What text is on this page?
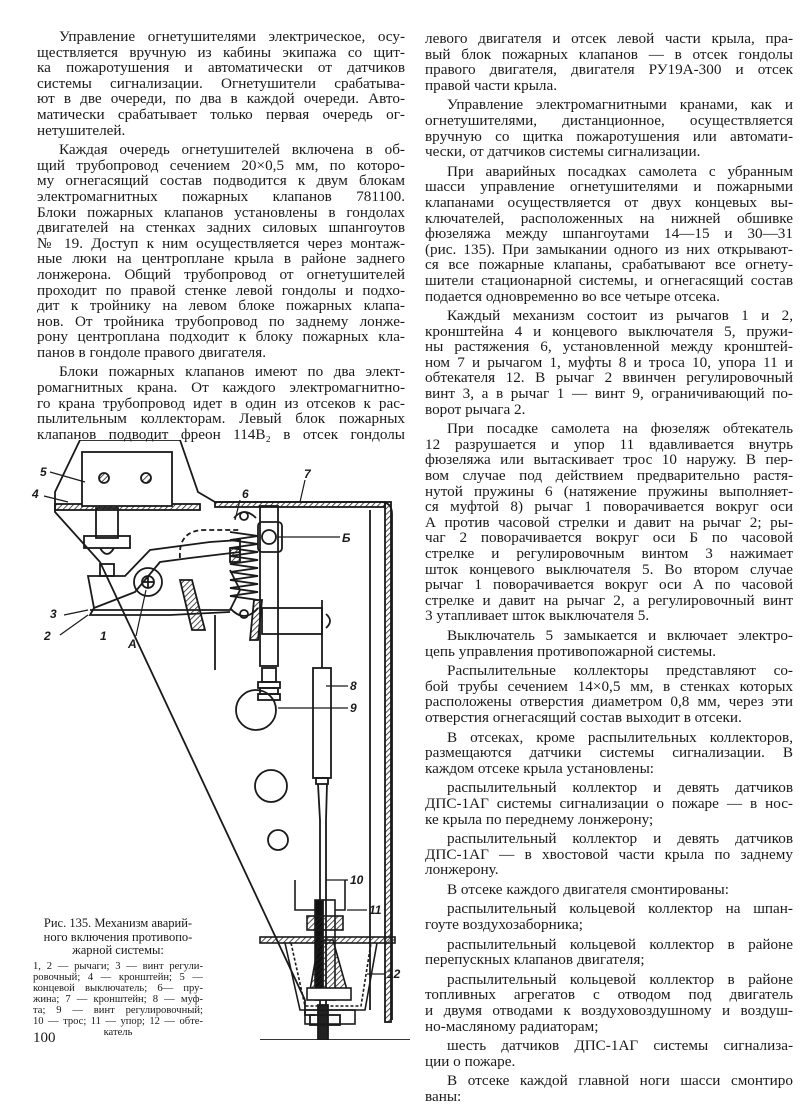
Управление огнетушителями электрическое, осу-
ществляется вручную из кабины экипажа со щит-
ка пожаротушения и автоматически от датчиков
системы сигнализации. Огнетушители срабатыва-
ют в две очереди, по два в каждой очереди. Авто-
матически срабатывает только первая очередь ог-
нетушителей.
Каждая очередь огнетушителей включена в об-
щий трубопровод сечением 20×0,5 мм, по которо-
му огнегасящий состав подводится к двум блокам
электромагнитных пожарных клапанов 781100.
Блоки пожарных клапанов установлены в гондолах
двигателей на стенках задних силовых шпангоутов
№ 19. Доступ к ним осуществляется через монтаж-
ные люки на центроплане крыла в районе заднего
лонжерона. Общий трубопровод от огнетушителей
проходит по правой стенке левой гондолы и подхо-
дит к тройнику на левом блоке пожарных клапа-
нов. От тройника трубопровод по заднему лонже-
рону центроплана подходит к блоку пожарных кла-
панов в гондоле правого двигателя.
Блоки пожарных клапанов имеют по два элект-
ромагнитных крана. От каждого электромагнитно-
го крана трубопровод идет в один из отсеков к рас-
пылительным коллекторам. Левый блок пожарных
клапанов подводит фреон 114B₂ в отсек гондолы
левого двигателя и отсек левой части крыла, пра-
вый блок пожарных клапанов — в отсек гондолы
правого двигателя, двигателя РУ19А-300 и отсек
правой части крыла.
Управление электромагнитными кранами, как и
огнетушителями, дистанционное, осуществляется
вручную со щитка пожаротушения или автомати-
чески, от датчиков системы сигнализации.
При аварийных посадках самолета с убранным
шасси управление огнетушителями и пожарными
клапанами осуществляется от двух концевых вы-
ключателей, расположенных на нижней обшивке
фюзеляжа между шпангоутами 14—15 и 30—31
(рис. 135). При замыкании одного из них открывают-
ся все пожарные клапаны, срабатывают все огнету-
шители стационарной системы, и огнегасящий состав
подается одновременно во все четыре отсека.
Каждый механизм состоит из рычагов 1 и 2,
кронштейна 4 и концевого выключателя 5, пружи-
ны растяжения 6, установленной между кронштей-
ном 7 и рычагом 1, муфты 8 и троса 10, упора 11 и
обтекателя 12. В рычаг 2 ввинчен регулировочный
винт 3, а в рычаг 1 — винт 9, ограничивающий по-
ворот рычага 2.
При посадке самолета на фюзеляж обтекатель
12 разрушается и упор 11 вдавливается внутрь
фюзеляжа или вытаскивает трос 10 наружу. В пер-
вом случае под действием предварительно растя-
нутой пружины 6 (натяжение пружины выполняет-
ся муфтой 8) рычаг 1 поворачивается вокруг оси
А против часовой стрелки и давит на рычаг 2; ры-
чаг 2 поворачивается вокруг оси Б по часовой
стрелке и регулировочным винтом 3 нажимает
шток концевого выключателя 5. Во втором случае
рычаг 1 поворачивается вокруг оси А по часовой
стрелке и давит на рычаг 2, а регулировочный винт
3 утапливает шток выключателя 5.
Выключатель 5 замыкается и включает электро-
цепь управления противопожарной системы.
Распылительные коллекторы представляют со-
бой трубы сечением 14×0,5 мм, в стенках которых
расположены отверстия диаметром 0,8 мм, через эти
отверстия огнегасящий состав выходит в отсеки.
В отсеках, кроме распылительных коллекторов,
размещаются датчики системы сигнализации. В
каждом отсеке крыла установлены:
распылительный коллектор и девять датчиков
ДПС-1АГ системы сигнализации о пожаре — в нос-
ке крыла по переднему лонжерону;
распылительный коллектор и девять датчиков
ДПС-1АГ — в хвостовой части крыла по заднему
лонжерону.
В отсеке каждого двигателя смонтированы:
распылительный кольцевой коллектор на шпан-
гоуте воздухозаборника;
распылительный кольцевой коллектор в районе
перепускных клапанов двигателя;
распылительный кольцевой коллектор в районе
топливных агрегатов с отводом под двигатель
и двумя отводами к воздуховоздушному и воздуш-
но-масляному радиаторам;
шесть датчиков ДПС-1АГ системы сигнализа-
ции о пожаре.
В отсеке каждой главной ноги шасси смонтиро
ваны:
5
4	6
7
Б
3
2	1
А
8
9
10
11
12
Рис. 135. Механизм аварий-
ного включения противопо-
жарной системы:
1, 2 — рычаги; 3 — винт регули-
ровочный; 4 — кронштейн; 5 —
концевой выключатель; 6— пру-
жина; 7 — кронштейн; 8 — муф-
та; 9 — винт регулировочный;
10 — трос; 11 — упор; 12 — обте-
катель
100
